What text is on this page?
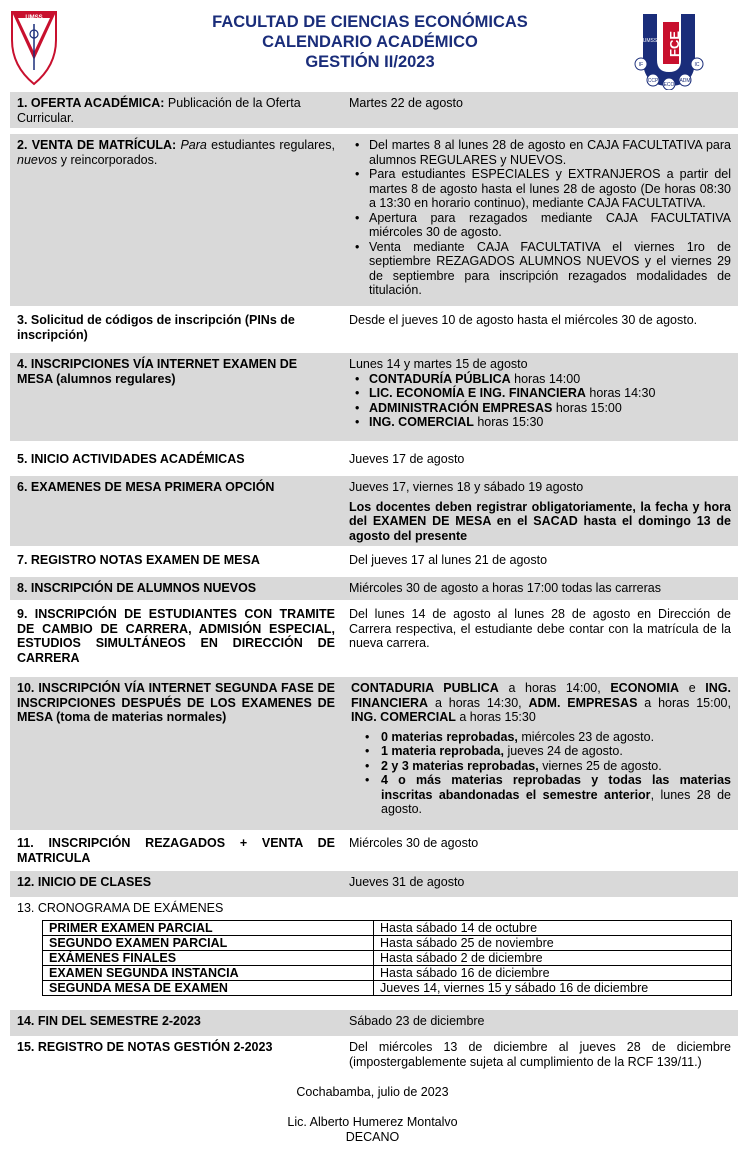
UMSS	FACULTAD DE CIENCIAS ECONÓMICAS
CALENDARIO ACADÉMICO
GESTIÓN II/2023
FCE
UMSS
IF	IC
CCP
ECO
ADM
1. OFERTA ACADÉMICA: Publicación de la Oferta Curricular.
Martes 22 de agosto
2. VENTA DE MATRÍCULA: Para estudiantes regulares, nuevos y reincorporados.
• Del martes 8 al lunes 28 de agosto en CAJA FACULTATIVA para alumnos REGULARES y NUEVOS.
• Para estudiantes ESPECIALES y EXTRANJEROS a partir del martes 8 de agosto hasta el lunes 28 de agosto (De horas 08:30 a 13:30 en horario continuo), mediante CAJA FACULTATIVA.
• Apertura para rezagados mediante CAJA FACULTATIVA miércoles 30 de agosto.
• Venta mediante CAJA FACULTATIVA el viernes 1ro de septiembre REZAGADOS ALUMNOS NUEVOS y el viernes 29 de septiembre para inscripción rezagados modalidades de titulación.
3. Solicitud de códigos de inscripción (PINs de inscripción)
Desde el jueves 10 de agosto hasta el miércoles 30 de agosto.
4. INSCRIPCIONES VÍA INTERNET EXAMEN DE MESA (alumnos regulares)
Lunes 14 y martes 15 de agosto
• CONTADURÍA PÚBLICA horas 14:00
• LIC. ECONOMÍA E ING. FINANCIERA horas 14:30
• ADMINISTRACIÓN EMPRESAS horas 15:00
• ING. COMERCIAL horas 15:30
5. INICIO ACTIVIDADES ACADÉMICAS	Jueves 17 de agosto
6. EXAMENES DE MESA PRIMERA OPCIÓN	Jueves 17, viernes 18 y sábado 19 agosto
Los docentes deben registrar obligatoriamente, la fecha y hora del EXAMEN DE MESA en el SACAD hasta el domingo 13 de agosto del presente
7. REGISTRO NOTAS EXAMEN DE MESA	Del jueves 17 al lunes 21 de agosto
8. INSCRIPCIÓN DE ALUMNOS NUEVOS	Miércoles 30 de agosto a horas 17:00 todas las carreras
9. INSCRIPCIÓN DE ESTUDIANTES CON TRAMITE DE CAMBIO DE CARRERA, ADMISIÓN ESPECIAL, ESTUDIOS SIMULTÁNEOS EN DIRECCIÓN DE CARRERA
Del lunes 14 de agosto al lunes 28 de agosto en Dirección de Carrera respectiva, el estudiante debe contar con la matrícula de la nueva carrera.
10. INSCRIPCIÓN VÍA INTERNET SEGUNDA FASE DE INSCRIPCIONES DESPUÉS DE LOS EXAMENES DE MESA (toma de materias normales)
CONTADURIA PUBLICA a horas 14:00, ECONOMIA e ING. FINANCIERA a horas 14:30, ADM. EMPRESAS a horas 15:00, ING. COMERCIAL a horas 15:30
• 0 materias reprobadas, miércoles 23 de agosto.
• 1 materia reprobada, jueves 24 de agosto.
• 2 y 3 materias reprobadas, viernes 25 de agosto.
• 4 o más materias reprobadas y todas las materias inscritas abandonadas el semestre anterior, lunes 28 de agosto.
11. INSCRIPCIÓN REZAGADOS + VENTA DE MATRICULA
Miércoles 30 de agosto
12. INICIO DE CLASES	Jueves 31 de agosto
13. CRONOGRAMA DE EXÁMENES
PRIMER EXAMEN PARCIAL	Hasta sábado 14 de octubre
SEGUNDO EXAMEN PARCIAL	Hasta sábado 25 de noviembre
EXÁMENES FINALES	Hasta sábado 2 de diciembre
EXAMEN SEGUNDA INSTANCIA	Hasta sábado 16 de diciembre
SEGUNDA MESA DE EXAMEN	Jueves 14, viernes 15 y sábado 16 de diciembre
14. FIN DEL SEMESTRE 2-2023	Sábado 23 de diciembre
15. REGISTRO DE NOTAS GESTIÓN 2-2023	Del miércoles 13 de diciembre al jueves 28 de diciembre (impostergablemente sujeta al cumplimiento de la RCF 139/11.)
Cochabamba, julio de 2023
Lic. Alberto Humerez Montalvo
DECANO
